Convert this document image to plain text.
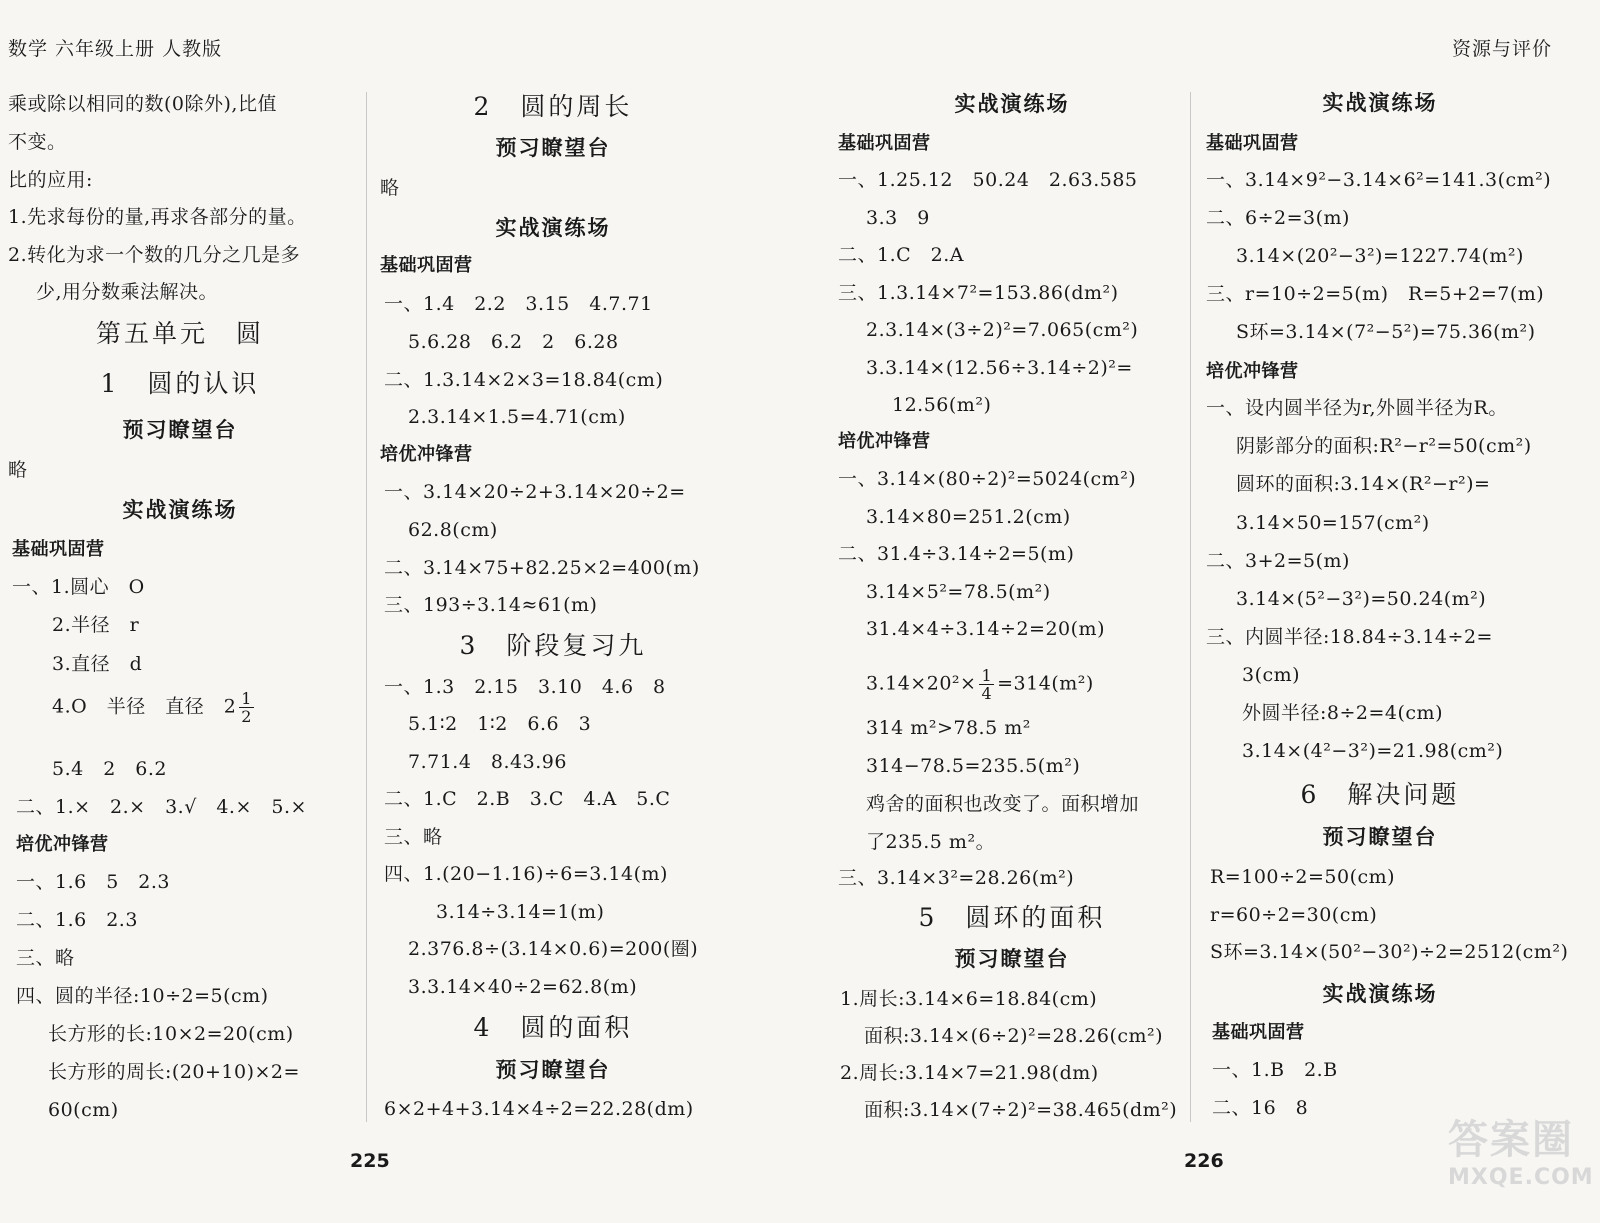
数学 六年级上册 人教版	资源与评价
乘或除以相同的数(0除外),比值
不变。
比的应用:
1.先求每份的量,再求各部分的量。
2.转化为求一个数的几分之几是多
少,用分数乘法解决。
第五单元　圆
1　圆的认识
预习瞭望台
略
实战演练场
基础巩固营
一、1.圆心　O
2.半径　r
3.直径　d
4.O　半径　直径　$2 \frac{1}{2}$
5.4　2　6.2
二、1.×　2.×　3.√　4.×　5.×
培优冲锋营
一、1.6　5　2.3
二、1.6　2.3
三、略
四、圆的半径:10÷2=5(cm)
长方形的长:10×2=20(cm)
长方形的周长:(20+10)×2=
60(cm)
2　圆的周长
预习瞭望台
略
实战演练场
基础巩固营
一、1.4　2.2　3.15　4.7.71
5.6.28　6.2　2　6.28
二、1.3.14×2×3=18.84(cm)
2.3.14×1.5=4.71(cm)
培优冲锋营
一、3.14×20÷2+3.14×20÷2=
62.8(cm)
二、3.14×75+82.25×2=400(m)
三、193÷3.14≈61(m)
3　阶段复习九
一、1.3　2.15　3.10　4.6　8
5.1∶2　1∶2　6.6　3
7.71.4　8.43.96
二、1.C　2.B　3.C　4.A　5.C
三、略
四、1.(20−1.16)÷6=3.14(m)
3.14÷3.14=1(m)
2.376.8÷(3.14×0.6)=200(圈)
3.3.14×40÷2=62.8(m)
4　圆的面积
预习瞭望台
6×2+4+3.14×4÷2=22.28(dm)
实战演练场
基础巩固营
一、1.25.12　50.24　2.63.585
3.3　9
二、1.C　2.A
三、1.3.14×7²=153.86(dm²)
2.3.14×(3÷2)²=7.065(cm²)
3.3.14×(12.56÷3.14÷2)²=
12.56(m²)
培优冲锋营
一、3.14×(80÷2)²=5024(cm²)
3.14×80=251.2(cm)
二、31.4÷3.14÷2=5(m)
3.14×5²=78.5(m²)
31.4×4÷3.14÷2=20(m)
$3.14\times 20^2\times \frac{1}{4} =314(m^2)$
314 m²>78.5 m²
314−78.5=235.5(m²)
鸡舍的面积也改变了。面积增加
了235.5 m²。
三、3.14×3²=28.26(m²)
5　圆环的面积
预习瞭望台
1.周长:3.14×6=18.84(cm)
面积:3.14×(6÷2)²=28.26(cm²)
2.周长:3.14×7=21.98(dm)
面积:3.14×(7÷2)²=38.465(dm²)
实战演练场
基础巩固营
一、3.14×9²−3.14×6²=141.3(cm²)
二、6÷2=3(m)
3.14×(20²−3²)=1227.74(m²)
三、r=10÷2=5(m)　R=5+2=7(m)
S环=3.14×(7²−5²)=75.36(m²)
培优冲锋营
一、设内圆半径为r,外圆半径为R。
阴影部分的面积:R²−r²=50(cm²)
圆环的面积:3.14×(R²−r²)=
3.14×50=157(cm²)
二、3+2=5(m)
3.14×(5²−3²)=50.24(m²)
三、内圆半径:18.84÷3.14÷2=
3(cm)
外圆半径:8÷2=4(cm)
3.14×(4²−3²)=21.98(cm²)
6　解决问题
预习瞭望台
R=100÷2=50(cm)
r=60÷2=30(cm)
S环=3.14×(50²−30²)÷2=2512(cm²)
实战演练场
基础巩固营
一、1.B　2.B
二、16　8
225	226	答案圈
MXQE.COM
